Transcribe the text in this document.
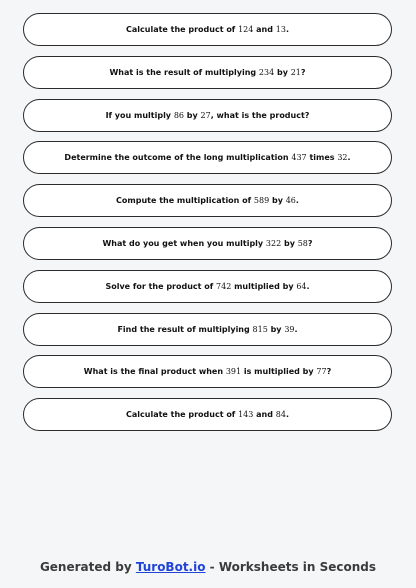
Calculate the product of 124 and 13.
What is the result of multiplying 234 by 21?
If you multiply 86 by 27, what is the product?
Determine the outcome of the long multiplication 437 times 32.
Compute the multiplication of 589 by 46.
What do you get when you multiply 322 by 58?
Solve for the product of 742 multiplied by 64.
Find the result of multiplying 815 by 39.
What is the final product when 391 is multiplied by 77?
Calculate the product of 143 and 84.
Generated by TuroBot.io - Worksheets in Seconds
